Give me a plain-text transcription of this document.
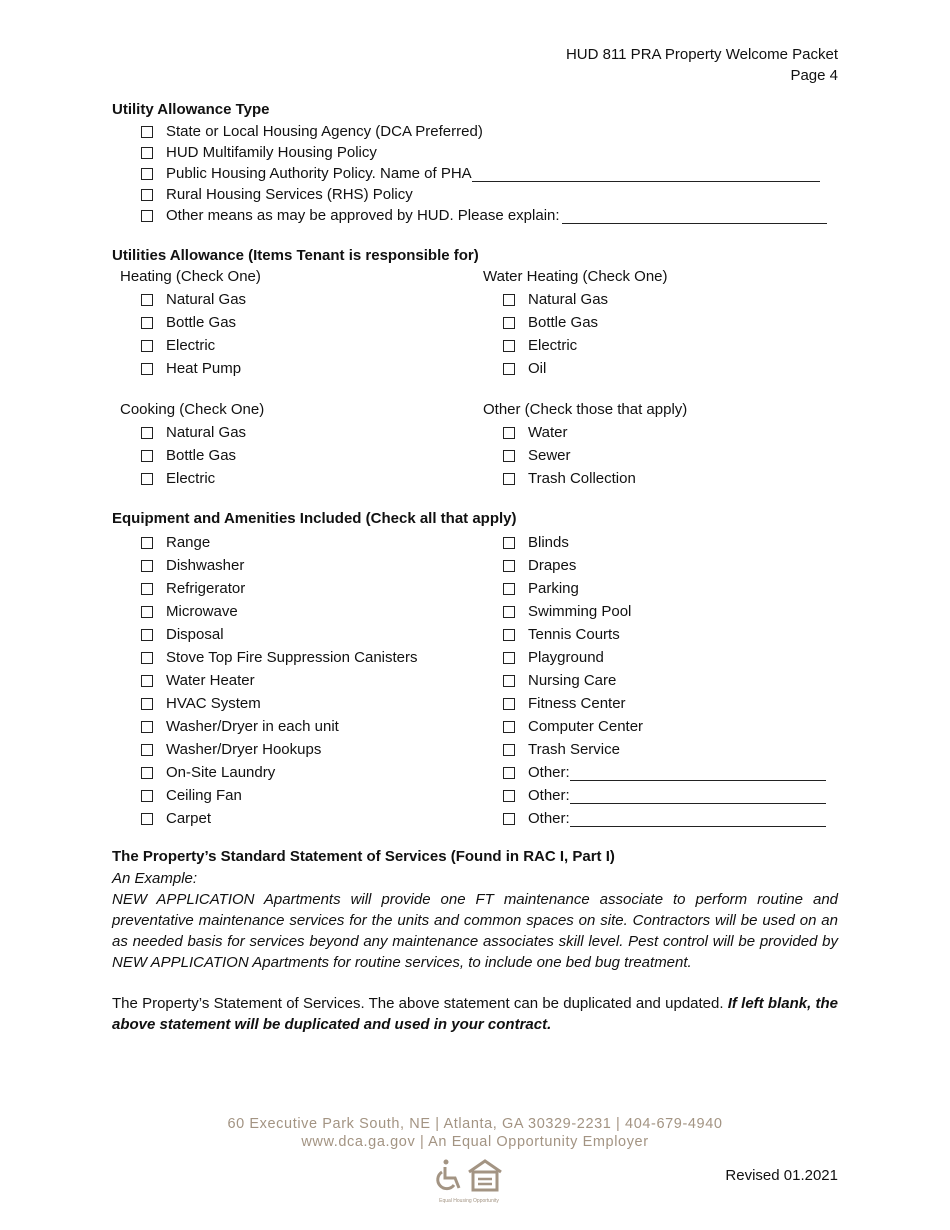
HUD 811 PRA Property Welcome Packet
Page 4
Utility Allowance Type
State or Local Housing Agency (DCA Preferred)
HUD Multifamily Housing Policy
Public Housing Authority Policy. Name of PHA
Rural Housing Services (RHS) Policy
Other means as may be approved by HUD. Please explain:
Utilities Allowance (Items Tenant is responsible for)
Heating (Check One)
Natural Gas
Bottle Gas
Electric
Heat Pump
Water Heating (Check One)
Natural Gas
Bottle Gas
Electric
Oil
Cooking (Check One)
Natural Gas
Bottle Gas
Electric
Other (Check those that apply)
Water
Sewer
Trash Collection
Equipment and Amenities Included (Check all that apply)
Range
Dishwasher
Refrigerator
Microwave
Disposal
Stove Top Fire Suppression Canisters
Water Heater
HVAC System
Washer/Dryer in each unit
Washer/Dryer Hookups
On-Site Laundry
Ceiling Fan
Carpet
Blinds
Drapes
Parking
Swimming Pool
Tennis Courts
Playground
Nursing Care
Fitness Center
Computer Center
Trash Service
Other:
Other:
Other:
The Property’s Standard Statement of Services (Found in RAC I, Part I)
An Example:
NEW APPLICATION Apartments will provide one FT maintenance associate to perform routine and preventative maintenance services for the units and common spaces on site. Contractors will be used on an as needed basis for services beyond any maintenance associates skill level. Pest control will be provided by NEW APPLICATION Apartments for routine services, to include one bed bug treatment.
The Property’s Statement of Services. The above statement can be duplicated and updated. If left blank, the above statement will be duplicated and used in your contract.
60 Executive Park South, NE | Atlanta, GA 30329-2231 | 404-679-4940
www.dca.ga.gov | An Equal Opportunity Employer
Equal Housing Opportunity
Revised 01.2021
